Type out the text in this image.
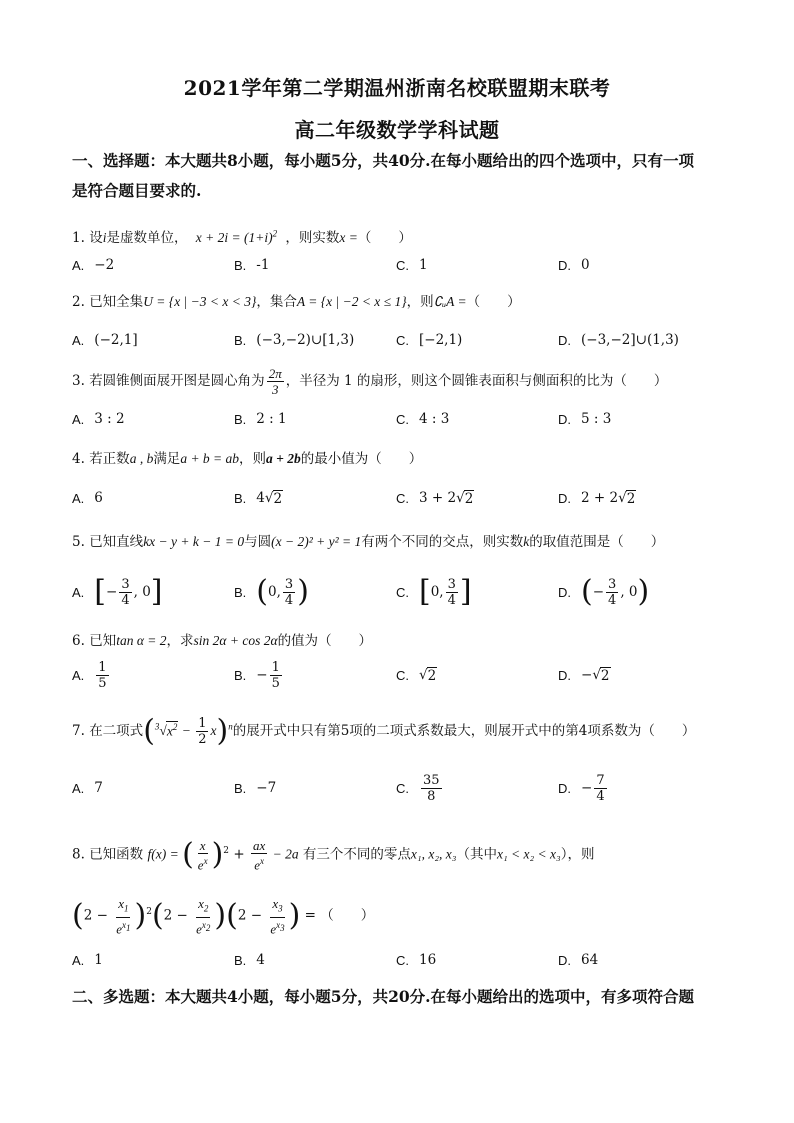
2021学年第二学期温州浙南名校联盟期末联考
高二年级数学学科试题
一、选择题：本大题共8小题，每小题5分，共40分.在每小题给出的四个选项中，只有一项
是符合题目要求的.
1. 设i是虚数单位， $x + 2i = (1+i)^2$ ，则实数x =（　　）
A. −2	B. -1	C. 1	D. 0
2. 已知全集U = {x | −3 < x < 3}，集合A = {x | −2 < x ≤ 1}，则∁ᵤA =（　　）
A. (−2,1]	B. (−3,−2)∪[1,3)	C. [−2,1)	D. (−3,−2]∪(1,3)
3. 若圆锥侧面展开图是圆心角为 $\frac{2\pi}{3}$ ，半径为 1 的扇形，则这个圆锥表面积与侧面积的比为（　　）
A. 3 : 2	B. 2 : 1	C. 4 : 3	D. 5 : 3
4. 若正数a , b满足a + b = ab，则a + 2b的最小值为（　　）
A. 6	B. 4 √ 2	C. 3 + 2 √ 2	D. 2 + 2 √ 2
5. 已知直线kx − y + k − 1 = 0与圆(x − 2)² + y² = 1有两个不同的交点，则实数k的取值范围是（　　）
A. [ − $\frac{3}{4}$ , 0 ]	B. ( 0, $\frac{3}{4}$ )	C. [ 0, $\frac{3}{4}$ ]	D. ( − $\frac{3}{4}$ , 0 )
6. 已知tan α = 2，求sin 2α + cos 2α的值为（　　）
A. $\frac{1}{5}$	B. − $\frac{1}{5}$	C. √ 2	D. − √ 2
7. 在二项式$(^3√x^2 - \frac{1}{2} x)^n$的展开式中只有第5项的二项式系数最大，则展开式中的第4项系数为（　　）
A. 7	B. −7	C. $\frac{35}{8}$	D. − $\frac{7}{4}$
8. 已知函数 f(x) = ( $\frac{x}{e^x} )^2 + \frac{ax}{e^x} - 2a$ 有三个不同的零点x₁, x₂, x₃（其中x₁ < x₂ < x₃），则
$(2 - \frac{x_1}{e^{x_1}} )^2(2 - \frac{x_2}{e^{x_2}} )(2 - \frac{x_3}{e^{x_3}}$ ) = （　　）
A. 1	B. 4	C. 16	D. 64
二、多选题：本大题共4小题，每小题5分，共20分.在每小题给出的选项中，有多项符合题
